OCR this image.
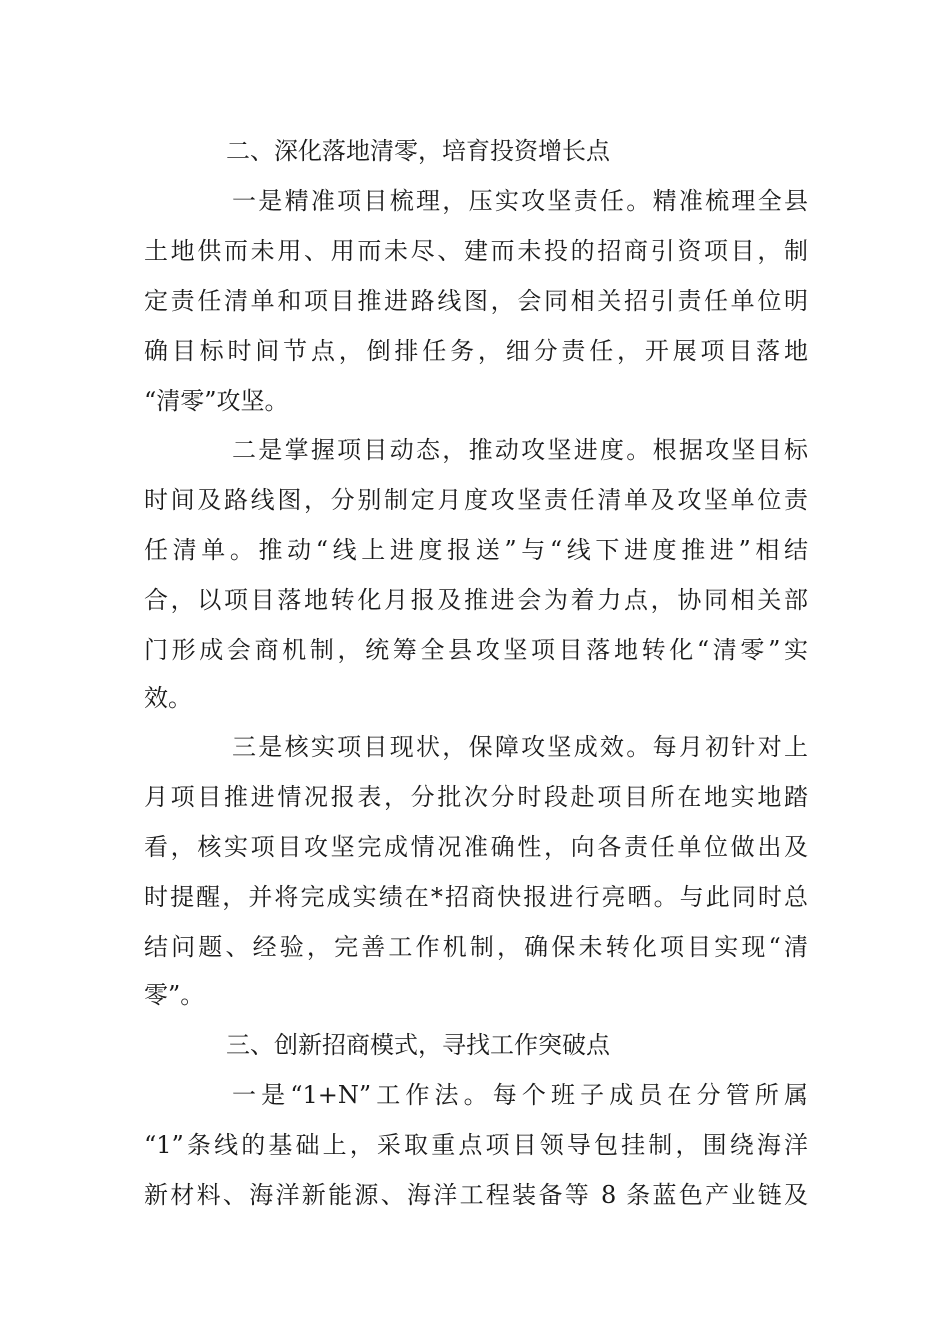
二、深化落地清零，培育投资增长点
一是精准项目梳理，压实攻坚责任。精准梳理全县
土地供而未用、用而未尽、建而未投的招商引资项目，制
定责任清单和项目推进路线图，会同相关招引责任单位明
确目标时间节点，倒排任务，细分责任，开展项目落地
“清零”攻坚。
二是掌握项目动态，推动攻坚进度。根据攻坚目标
时间及路线图，分别制定月度攻坚责任清单及攻坚单位责
任清单。推动“线上进度报送”与“线下进度推进”相结
合，以项目落地转化月报及推进会为着力点，协同相关部
门形成会商机制，统筹全县攻坚项目落地转化“清零”实
效。
三是核实项目现状，保障攻坚成效。每月初针对上
月项目推进情况报表，分批次分时段赴项目所在地实地踏
看，核实项目攻坚完成情况准确性，向各责任单位做出及
时提醒，并将完成实绩在*招商快报进行亮晒。与此同时总
结问题、经验，完善工作机制，确保未转化项目实现“清
零”。
三、创新招商模式，寻找工作突破点
一是“1+N”工作法。每个班子成员在分管所属
“1”条线的基础上，采取重点项目领导包挂制，围绕海洋
新材料、海洋新能源、海洋工程装备等 8 条蓝色产业链及
